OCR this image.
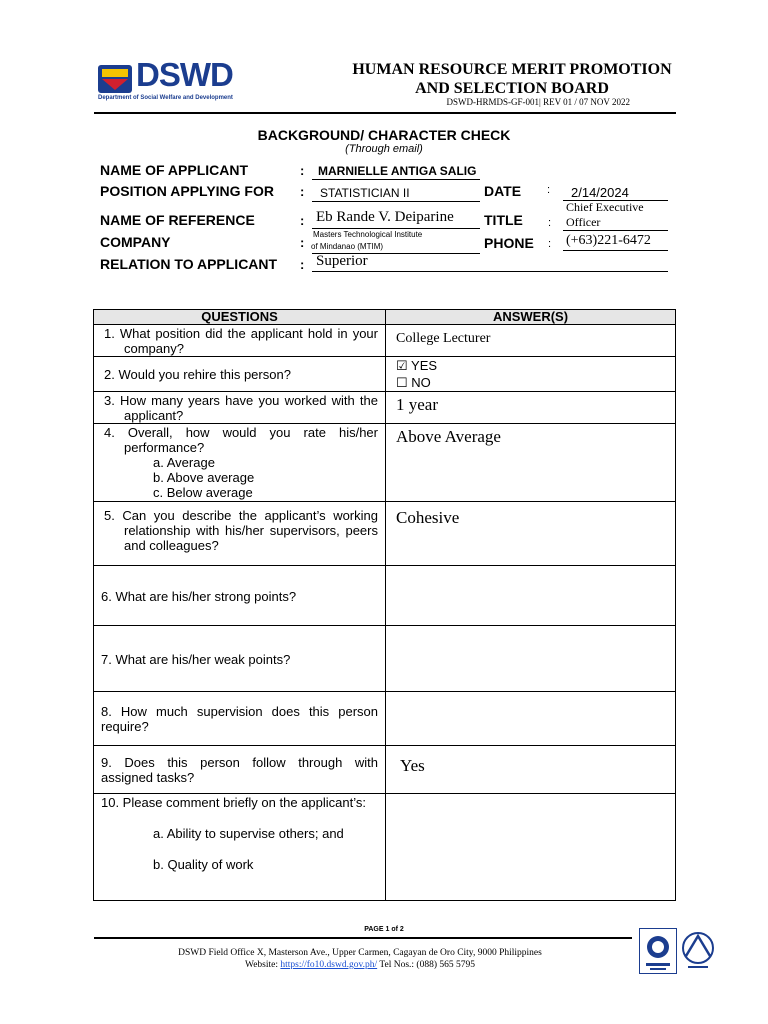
DSWD
Department of Social Welfare and Development
HUMAN RESOURCE MERIT PROMOTION
AND SELECTION BOARD
DSWD-HRMDS-GF-001| REV 01 / 07 NOV 2022
BACKGROUND/ CHARACTER CHECK
(Through email)
NAME OF APPLICANT	: MARNIELLE ANTIGA SALIG
POSITION APPLYING FOR : STATISTICIAN II	DATE : 2/14/2024
NAME OF REFERENCE	: Eb Rande V. Deiparine TITLE :
Chief Executive
Officer
COMPANY	:
Masters Technological Institute
of Mindanao (MTIM)	PHONE : (+63)221-6472
RELATION TO APPLICANT : Superior
QUESTIONS	ANSWER(S)

1. What position did the applicant hold in your company?	College Lecturer

2. Would you rehire this person?	☑ YES
☐ NO

3. How many years have you worked with the applicant?	1 year

4. Overall, how would you rate his/her performance?
a. Average
b. Above average
c. Below average	Above Average

5. Can you describe the applicant’s working relationship with his/her supervisors, peers and colleagues?	Cohesive
6. What are his/her strong points?	
7. What are his/her weak points?	
8. How much supervision does this person require?	
9. Does this person follow through with assigned tasks?	Yes
10. Please comment briefly on the applicant’s:
a. Ability to supervise others; and
b. Quality of work	

PAGE 1 of 2
DSWD Field Office X, Masterson Ave., Upper Carmen, Cagayan de Oro City, 9000 Philippines
Website: https://fo10.dswd.gov.ph/ Tel Nos.: (088) 565 5795
